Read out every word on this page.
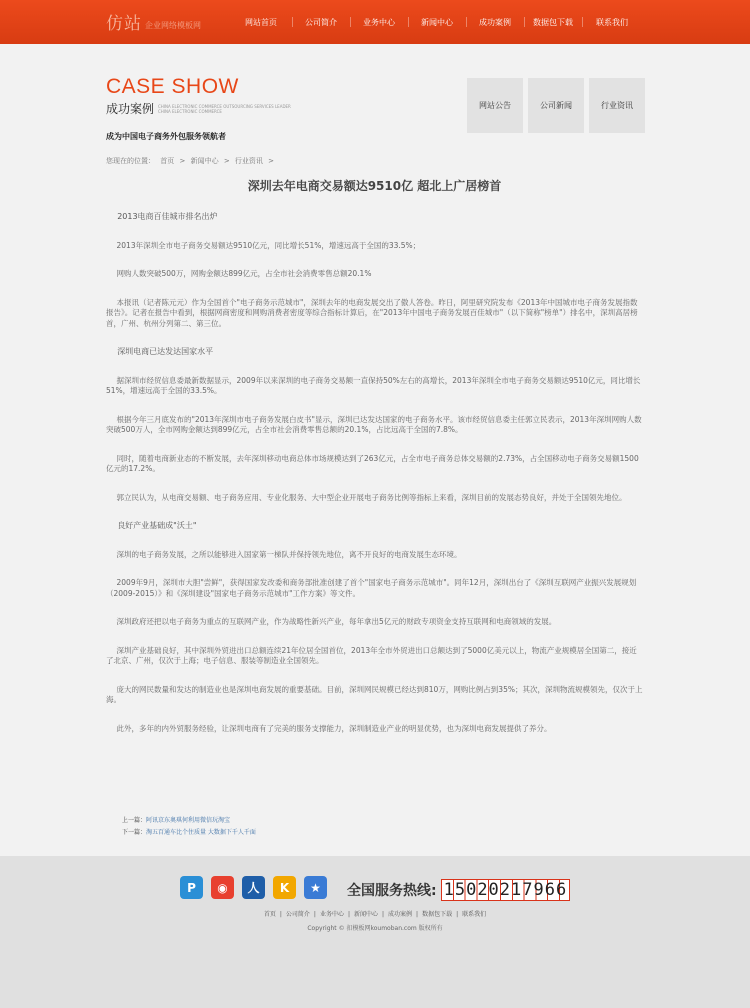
仿站 企业网络模板网	网站首页	公司简介	业务中心	新闻中心	成功案例	数据包下载	联系我们
CASE SHOW
成功案例 CHINA ELECTRONIC COMMERCE OUTSOURCING SERVICES LEADER CHINA ELECTRONIC COMMERCE
成为中国电子商务外包服务领航者
网站公告	公司新闻	行业资讯
您现在的位置： 首页 > 新闻中心 > 行业资讯 >
深圳去年电商交易额达9510亿 超北上广居榜首

2013电商百佳城市排名出炉

2013年深圳全市电子商务交易额达9510亿元，同比增长51%，增速远高于全国的33.5%；

网购人数突破500万，网购金额达899亿元，占全市社会消费零售总额20.1%

本报讯（记者陈元元）作为全国首个"电子商务示范城市"，深圳去年的电商发展交出了傲人答卷。昨日，阿里研究院发布《2013年中国城市电子商务发展指数报告》。记者在报告中看到，根据网商密度和网购消费者密度等综合指标计算后，在"2013年中国电子商务发展百佳城市"（以下简称"榜单"）排名中，深圳高居榜首，广州、杭州分列第二、第三位。

深圳电商已达发达国家水平

据深圳市经贸信息委最新数据显示，2009年以来深圳的电子商务交易额一直保持50%左右的高增长，2013年深圳全市电子商务交易额达9510亿元，同比增长51%，增速远高于全国的33.5%。

根据今年三月底发布的"2013年深圳市电子商务发展白皮书"显示，深圳已达发达国家的电子商务水平。该市经贸信息委主任郭立民表示，2013年深圳网购人数突破500万人，全市网购金额达到899亿元，占全市社会消费零售总额的20.1%，占比远高于全国的7.8%。

同时，随着电商新业态的不断发展，去年深圳移动电商总体市场规模达到了263亿元，占全市电子商务总体交易额的2.73%，占全国移动电子商务交易额1500亿元的17.2%。

郭立民认为，从电商交易额、电子商务应用、专业化服务、大中型企业开展电子商务比例等指标上来看，深圳目前的发展态势良好，并处于全国领先地位。

良好产业基础成"沃土"

深圳的电子商务发展，之所以能够进入国家第一梯队并保持领先地位，离不开良好的电商发展生态环境。

2009年9月，深圳市大胆"尝鲜"，获得国家发改委和商务部批准创建了首个"国家电子商务示范城市"。同年12月，深圳出台了《深圳互联网产业振兴发展规划（2009-2015）》和《深圳建设"国家电子商务示范城市"工作方案》等文件。

深圳政府还把以电子商务为重点的互联网产业，作为战略性新兴产业，每年拿出5亿元的财政专项资金支持互联网和电商领域的发展。

深圳产业基础良好，其中深圳外贸进出口总额连续21年位居全国首位，2013年全市外贸进出口总额达到了5000亿美元以上，物流产业规模居全国第二，接近了北京、广州，仅次于上海；电子信息、服装等制造业全国领先。

庞大的网民数量和发达的制造业也是深圳电商发展的重要基础。目前，深圳网民规模已经达到810万，网购比例占到35%；其次，深圳物流规模领先，仅次于上海。

此外，多年的内外贸服务经验，让深圳电商有了完美的服务支撑能力，深圳制造业产业的明显优势，也为深圳电商发展提供了养分。

上一篇：阿讯京东奥琪何利用微信玩淘宝
下一篇：淘五百通车比个住质量 大数据下千人千面
P	◉	人	K	★	全国服务热线: 15020217966
首页 | 公司简介 | 业务中心 | 新闻中心 | 成功案例 | 数据包下载 | 联系我们
Copyright © 扣模板网koumoban.com 版权所有
